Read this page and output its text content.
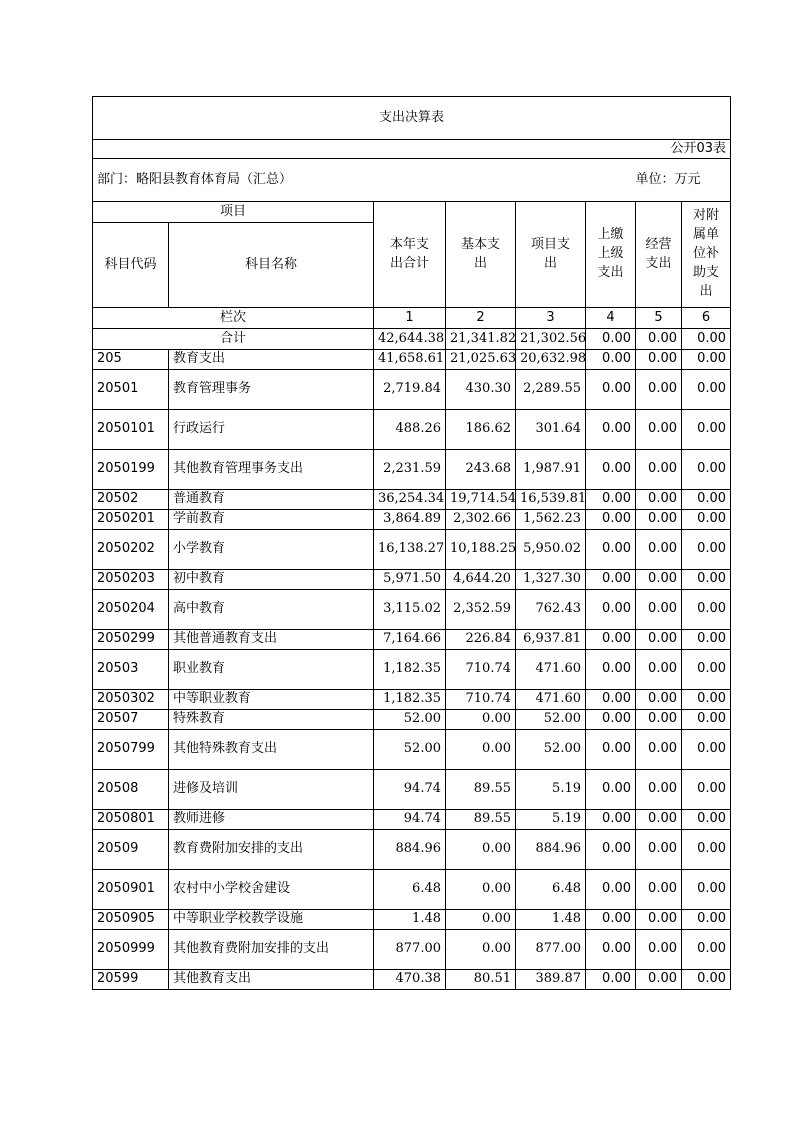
支出决算表							
公开03表							
部门：略阳县教育体育局（汇总）						单位：万元	
项目		本年支出合计	基本支出	项目支出	上缴上级支出	经营支出	对附属单位补助支出
科目代码	科目名称						
栏次		1	2	3	4	5	6
合计		42,644.38	21,341.82	21,302.56	0.00	0.00	0.00
205	教育支出	41,658.61	21,025.63	20,632.98	0.00	0.00	0.00
20501	教育管理事务	2,719.84	430.30	2,289.55	0.00	0.00	0.00
2050101	行政运行	488.26	186.62	301.64	0.00	0.00	0.00
2050199	其他教育管理事务支出	2,231.59	243.68	1,987.91	0.00	0.00	0.00
20502	普通教育	36,254.34	19,714.54	16,539.81	0.00	0.00	0.00
2050201	学前教育	3,864.89	2,302.66	1,562.23	0.00	0.00	0.00
2050202	小学教育	16,138.27	10,188.25	5,950.02	0.00	0.00	0.00
2050203	初中教育	5,971.50	4,644.20	1,327.30	0.00	0.00	0.00
2050204	高中教育	3,115.02	2,352.59	762.43	0.00	0.00	0.00
2050299	其他普通教育支出	7,164.66	226.84	6,937.81	0.00	0.00	0.00
20503	职业教育	1,182.35	710.74	471.60	0.00	0.00	0.00
2050302	中等职业教育	1,182.35	710.74	471.60	0.00	0.00	0.00
20507	特殊教育	52.00	0.00	52.00	0.00	0.00	0.00
2050799	其他特殊教育支出	52.00	0.00	52.00	0.00	0.00	0.00
20508	进修及培训	94.74	89.55	5.19	0.00	0.00	0.00
2050801	教师进修	94.74	89.55	5.19	0.00	0.00	0.00
20509	教育费附加安排的支出	884.96	0.00	884.96	0.00	0.00	0.00
2050901	农村中小学校舍建设	6.48	0.00	6.48	0.00	0.00	0.00
2050905	中等职业学校教学设施	1.48	0.00	1.48	0.00	0.00	0.00
2050999	其他教育费附加安排的支出	877.00	0.00	877.00	0.00	0.00	0.00
20599	其他教育支出	470.38	80.51	389.87	0.00	0.00	0.00
